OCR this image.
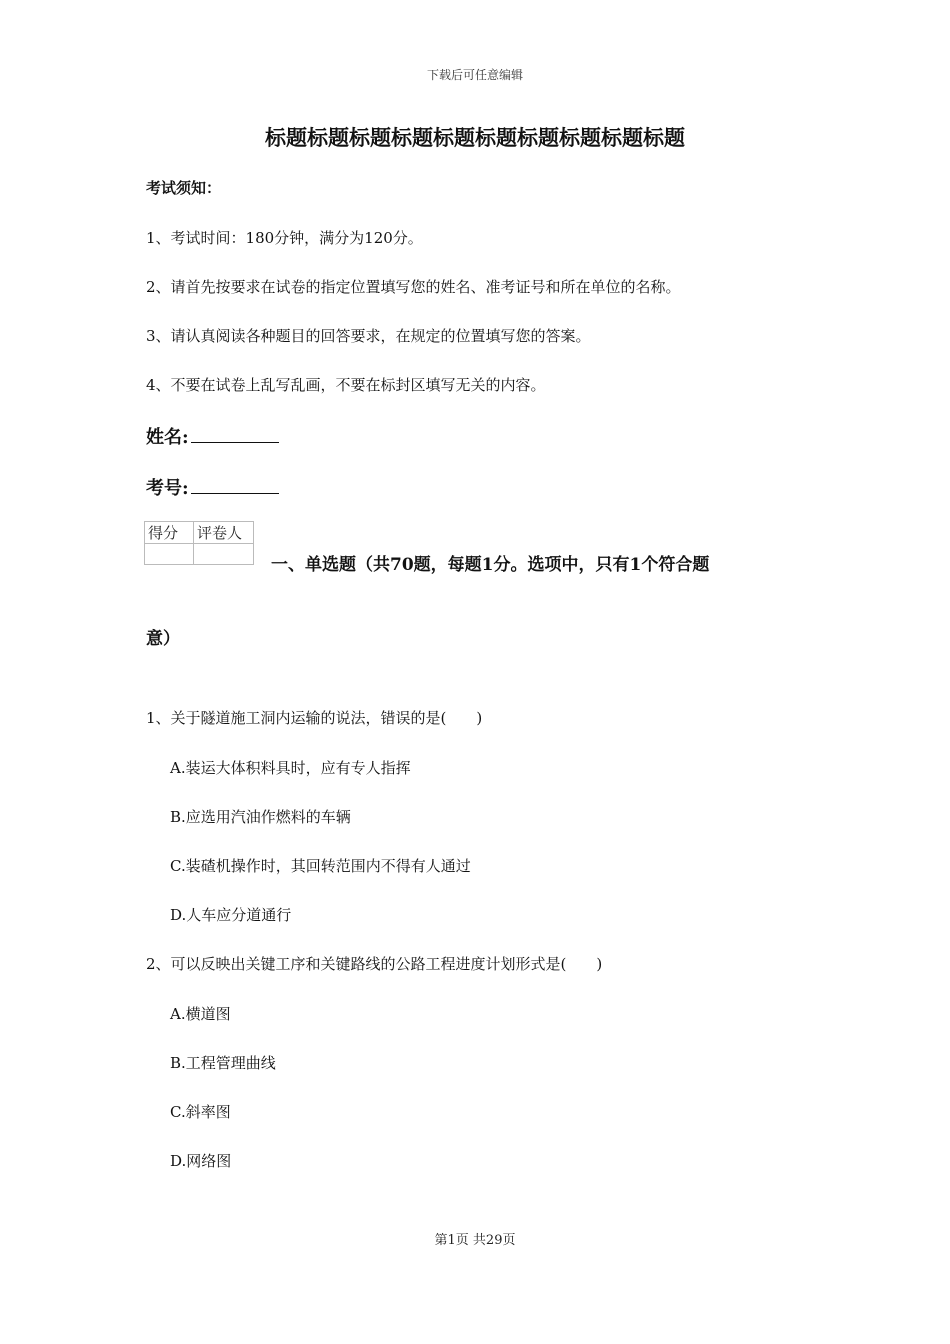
下载后可任意编辑
标题标题标题标题标题标题标题标题标题标题
考试须知：
1、考试时间：180分钟，满分为120分。
2、请首先按要求在试卷的指定位置填写您的姓名、准考证号和所在单位的名称。
3、请认真阅读各种题目的回答要求，在规定的位置填写您的答案。
4、不要在试卷上乱写乱画，不要在标封区填写无关的内容。
姓名:
考号:
得分	评卷人

一、单选题（共70题，每题1分。选项中，只有1个符合题
意）
1、关于隧道施工洞内运输的说法，错误的是(　　)
A.装运大体积料具时，应有专人指挥
B.应选用汽油作燃料的车辆
C.装碴机操作时，其回转范围内不得有人通过
D.人车应分道通行
2、可以反映出关键工序和关键路线的公路工程进度计划形式是(　　)
A.横道图
B.工程管理曲线
C.斜率图
D.网络图
第1页 共29页
